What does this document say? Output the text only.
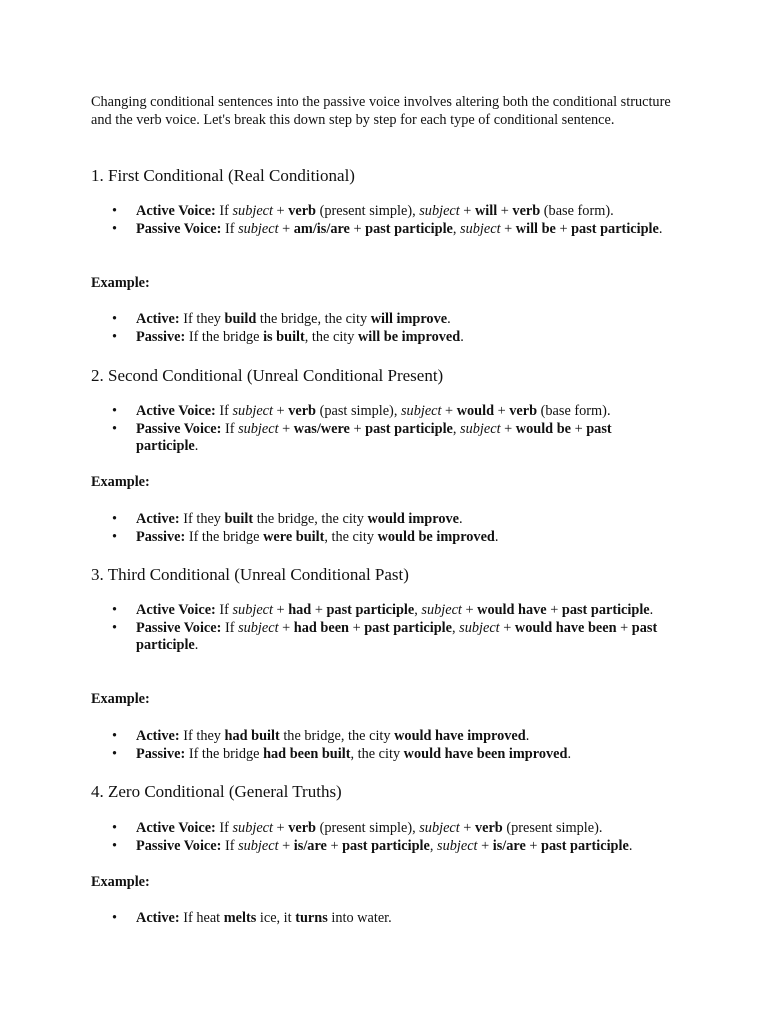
Changing conditional sentences into the passive voice involves altering both the conditional structure and the verb voice. Let's break this down step by step for each type of conditional sentence.

1. First Conditional (Real Conditional)
• Active Voice: If subject + verb (present simple), subject + will + verb (base form).
• Passive Voice: If subject + am/is/are + past participle, subject + will be + past participle.
Example:
• Active: If they build the bridge, the city will improve.
• Passive: If the bridge is built, the city will be improved.
2. Second Conditional (Unreal Conditional Present)
• Active Voice: If subject + verb (past simple), subject + would + verb (base form).
• Passive Voice: If subject + was/were + past participle, subject + would be + past participle.
Example:
• Active: If they built the bridge, the city would improve.
• Passive: If the bridge were built, the city would be improved.
3. Third Conditional (Unreal Conditional Past)
• Active Voice: If subject + had + past participle, subject + would have + past participle.
• Passive Voice: If subject + had been + past participle, subject + would have been + past participle.
Example:
• Active: If they had built the bridge, the city would have improved.
• Passive: If the bridge had been built, the city would have been improved.
4. Zero Conditional (General Truths)
• Active Voice: If subject + verb (present simple), subject + verb (present simple).
• Passive Voice: If subject + is/are + past participle, subject + is/are + past participle.
Example:
• Active: If heat melts ice, it turns into water.
